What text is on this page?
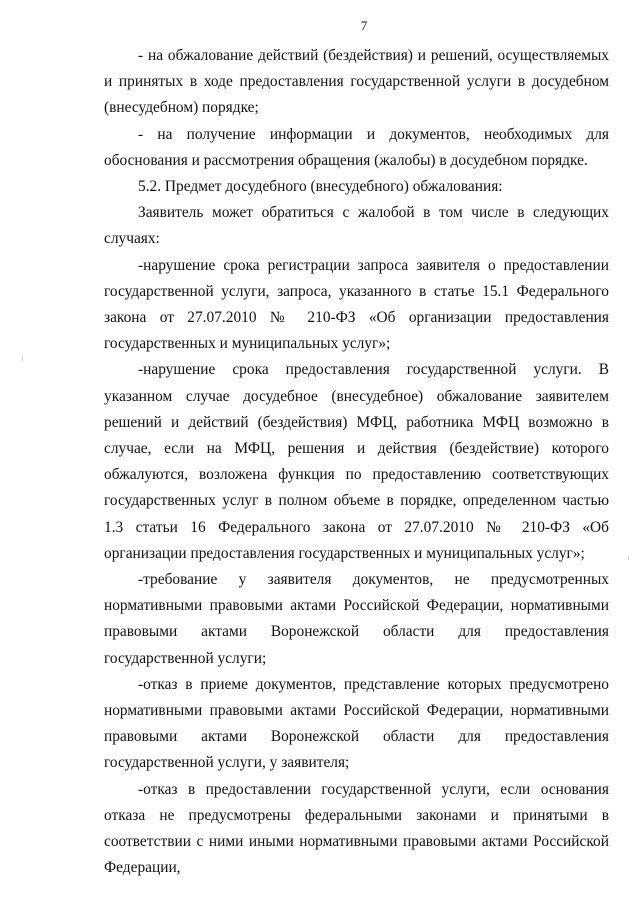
7

- на обжалование действий (бездействия) и решений, осуществляемых и принятых в ходе предоставления государственной услуги в досудебном (внесудебном) порядке;

- на получение информации и документов, необходимых для обоснования и рассмотрения обращения (жалобы) в досудебном порядке.

5.2. Предмет досудебного (внесудебного) обжалования:

Заявитель может обратиться с жалобой в том числе в следующих случаях:

-нарушение срока регистрации запроса заявителя о предоставлении государственной услуги, запроса, указанного в статье 15.1 Федерального закона от 27.07.2010 № 210-ФЗ «Об организации предоставления государственных и муниципальных услуг»;

-нарушение срока предоставления государственной услуги. В указанном случае досудебное (внесудебное) обжалование заявителем решений и действий (бездействия) МФЦ, работника МФЦ возможно в случае, если на МФЦ, решения и действия (бездействие) которого обжалуются, возложена функция по предоставлению соответствующих государственных услуг в полном объеме в порядке, определенном частью 1.3 статьи 16 Федерального закона от 27.07.2010 № 210-ФЗ «Об организации предоставления государственных и муниципальных услуг»;

-требование у заявителя документов, не предусмотренных нормативными правовыми актами Российской Федерации, нормативными правовыми актами Воронежской области для предоставления государственной услуги;

-отказ в приеме документов, представление которых предусмотрено нормативными правовыми актами Российской Федерации, нормативными правовыми актами Воронежской области для предоставления государственной услуги, у заявителя;

-отказ в предоставлении государственной услуги, если основания отказа не предусмотрены федеральными законами и принятыми в соответствии с ними иными нормативными правовыми актами Российской Федерации,
